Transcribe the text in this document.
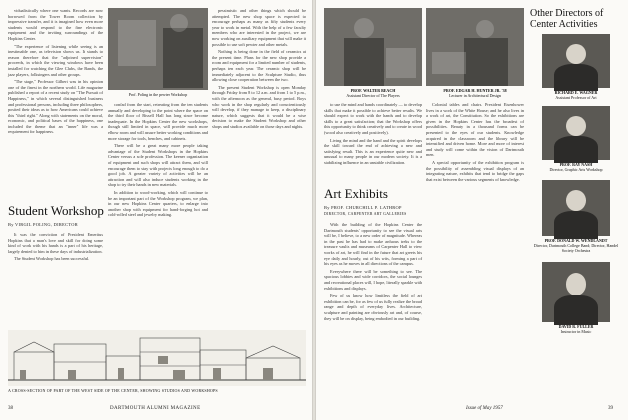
vidualistically where one wants. Records are now borrowed from the Tower Room collection by impressive transfer, and it is imagined how even more students would respond to the fine electronic equipment and the inviting surroundings of the Hopkins Center.

"The experience of listening while seeing is an inestimable one, as television shows us. It stands to reason therefore that the "adjoined supervision" proceeds, in which the viewing windows have been installed for watching the Glee Clubs, the Bands, the jazz players, folksingers and other groups.

"The stage," Professor Gilbert was in his opinion one of the finest in the northern world. Life magazine published a report of a recent study on "The Pursuit of Happiness," in which several distinguished business and professional persons, including three philosophers, posited their ideas as to how Americans could achieve this "third right." Along with statements on the moral, economic, and political bases of the happiness, one included the theme that an "inner" life was a requirement for happiness.

Student Workshop
By VIRGIL POLING, DIRECTOR

It was the conviction of President Emeritus Hopkins that a man's love and skill for doing some kind of work with his hands is a part of his heritage, largely denied to him in these days of industrialization.

The Student Workshop has been successful.

Prof. Poling in the pewter Workshop

confad from the start, retreating from the ten students annually and developing to the point where the space on the third floor of Bissell Hall has long since become inadequate. In the Hopkins Center the new workshops, though still limited in space, will provide much more elbow room and will assure better working conditions and more storage for tools, benches, and cabinets.

There will be a great many more people taking advantage of the Student Workshops in the Hopkins Center versus a sole profession. The keener organization of equipment and such shops will attract them, and will encourage them to stay with projects long enough to do a good job. A greater variety of activities will be an attraction and will also induce students working in the shop to try their hands in new materials.

In addition to wood-working, which will continue to be an important part of the Workshop program, we plan, in our new Hopkins Center quarters, to enlarge into another shop with equipment for hand-forging hot and cold-rolled steel and jewelry making.

pessimistic and other things which should be attempted. The new shop space is expected to encourage perhaps as many as fifty students every year to work in metal. With the help of a few faculty members who are interested in the project, we are now working on auxiliary equipment that will make it possible to use soft pewter and other metals.

Nothing is being done in the field of ceramics at the present time. Plans for the new shop provide a room and equipment for a limited number of students, perhaps ten each year. The ceramic shop will be immediately adjacent to the Sculpture Studio, thus allowing close cooperation between the two.

The present Student Workshop is open Monday through Friday from 8 to 12 a.m. and from 1 to 5 p.m., with the afternoon as the general, busy period. Boys who work in the shop regularly and conscientiously will develop, if they manage to keep, a disciplinary nature, which suggests that it would be a wise decision to make the Student Workshop and other shops and studios available on those days and nights.

A CROSS-SECTION OF PART OF THE WEST SIDE OF THE CENTER, SHOWING STUDIOS AND WORKSHOPS
38	DARTMOUTH ALUMNI MAGAZINE
PROF. WALTER BEACH
Assistant Director of The Players
PROF. EDGAR H. HUNTER JR. '38
Lecturer in Architectural Design

to use the mind and hands coordinately — to develop skills that make it possible to achieve better results. We should expect to work with the hands and to develop skills to a great satisfaction; that the Workshop offers this opportunity to think creatively and to create in wood (wood also creatively and positively).

Living the mind and the hand and the spirit develops the skill toward the end of achieving a new and satisfying result. This is an experience quite new and unusual to many people in our modern society. It is a stabilizing influence in an unstable civilization.

Art Exhibits
By PROF. CHURCHILL P. LATHROP
DIRECTOR, CARPENTER ART GALLERIES

With the building of the Hopkins Center the Dartmouth students' opportunity to see the visual arts will be, I believe, to a new order of magnitude. Whereas in the past he has had to make arduous treks to the treasure vaults and museums of Carpenter Hall to view works of art, he will find in the future that art greets his eye daily and hourly, out of his wits, forming a part of his eyes as he moves in all directions of the campus.

Everywhere there will be something to see. The spacious lobbies and wide corridors, the social lounges and recreational places will, I hope, literally sparkle with exhibitions and displays.

Few of us know how limitless the field of art exhibition can be, for as few of us fully realize the broad range and depth of everyday lives. Architecture, sculpture and painting are obviously art and, of course, they will be on display, being embodied in our building.

Colonial tables and chairs. President Eisenhower lives in a work of the White House; and he also lives in a work of art, the Constitution. So the exhibitions are given in the Hopkins Center has the broadest of possibilities. Beauty in a thousand forms can be presented to the eyes of our students. Knowledge acquired in the classroom and the library will be intensified and driven home. More and more of interest and study will come within the vision of Dartmouth men.

A special opportunity of the exhibition program is the possibility of assembling visual displays of an integrating nature, exhibits that tend to bridge the gaps that exist between the various segments of knowledge.

Other Directors of Center Activities
RICHARD E. WAGNER
Assistant Professor of Art
PROF. RAY NASH
Director, Graphic Arts Workshop
PROF. DONALD W. WENDLANDT
Director, Dartmouth College Band; Director, Handel Society Orchestra
DAVID R. FULLER
Instructor in Music
Issue of May 1957	39
